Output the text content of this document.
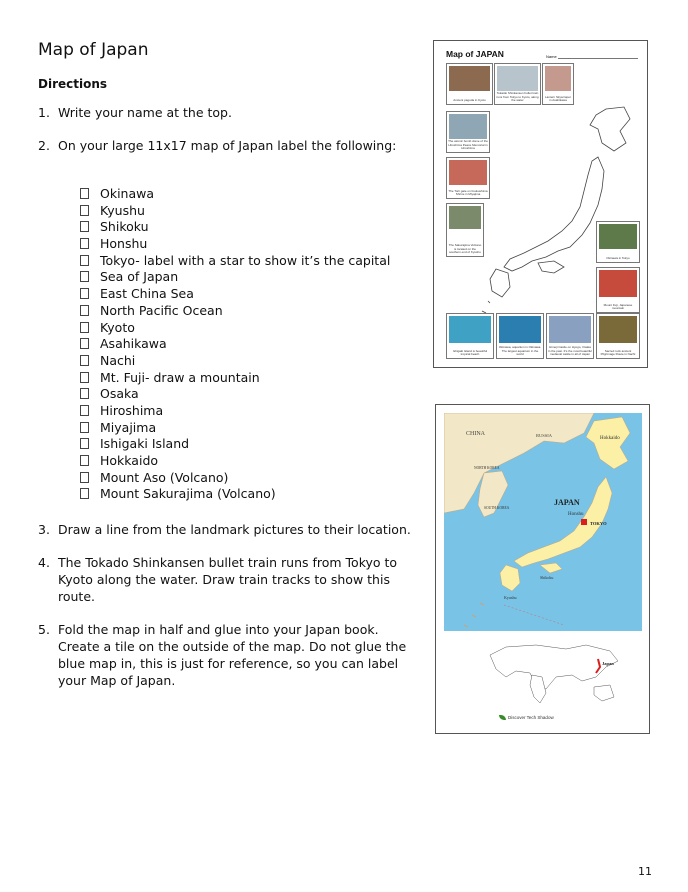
Map of Japan
Directions
1. Write your name at the top.
2. On your large 11x17 map of Japan label the following:
Okinawa
Kyushu
Shikoku
Honshu
Tokyo- label with a star to show it’s the capital
Sea of Japan
East China Sea
North Pacific Ocean
Kyoto
Asahikawa
Nachi
Mt. Fuji- draw a mountain
Osaka
Hiroshima
Miyajima
Ishigaki Island
Hokkaido
Mount Aso (Volcano)
Mount Sakurajima (Volcano)
3. Draw a line from the landmark pictures to their location.
4. The Tokado Shinkansen bullet train runs from Tokyo to Kyoto along the water. Draw train tracks to show this route.
5. Fold the map in half and glue into your Japan book. Create a tile on the outside of the map. Do not glue the blue map in, this is just for reference, so you can label your Map of Japan.
Map of JAPAN	Name
Ancient pagoda in Kyoto
Tokaido Shinkansen bullet train runs from Tokyo to Kyoto, along the water
Lantern Skyscraper in Asahikawa
The atomic bomb dome of the Hiroshima Peace Memorial in Hiroshima
The Torii gate on Itsukushima Shrine in Miyajima
The Sakurajima Volcano is located on the southern end of Kyushu
Okinawa in Tokyo
Mount Fuji, Japanese mountain
Ishigaki Island is beautiful tropical beach
Okinawa, aquarium in Okinawa. The largest aquarium in the world
Himeji Castle on Hyogo, Osaka in the past. It's the most beautiful medieval castle in all of Japan
Sacred rock ancient Pilgrimage Route in Nachi
CHINA	RUSSIA
Hokkaido
NORTH KOREA
SOUTH KOREA
JAPAN
Honshu
TOKYO
Shikoku
Kyushu
Japan
Discover Tech Shadow
11
